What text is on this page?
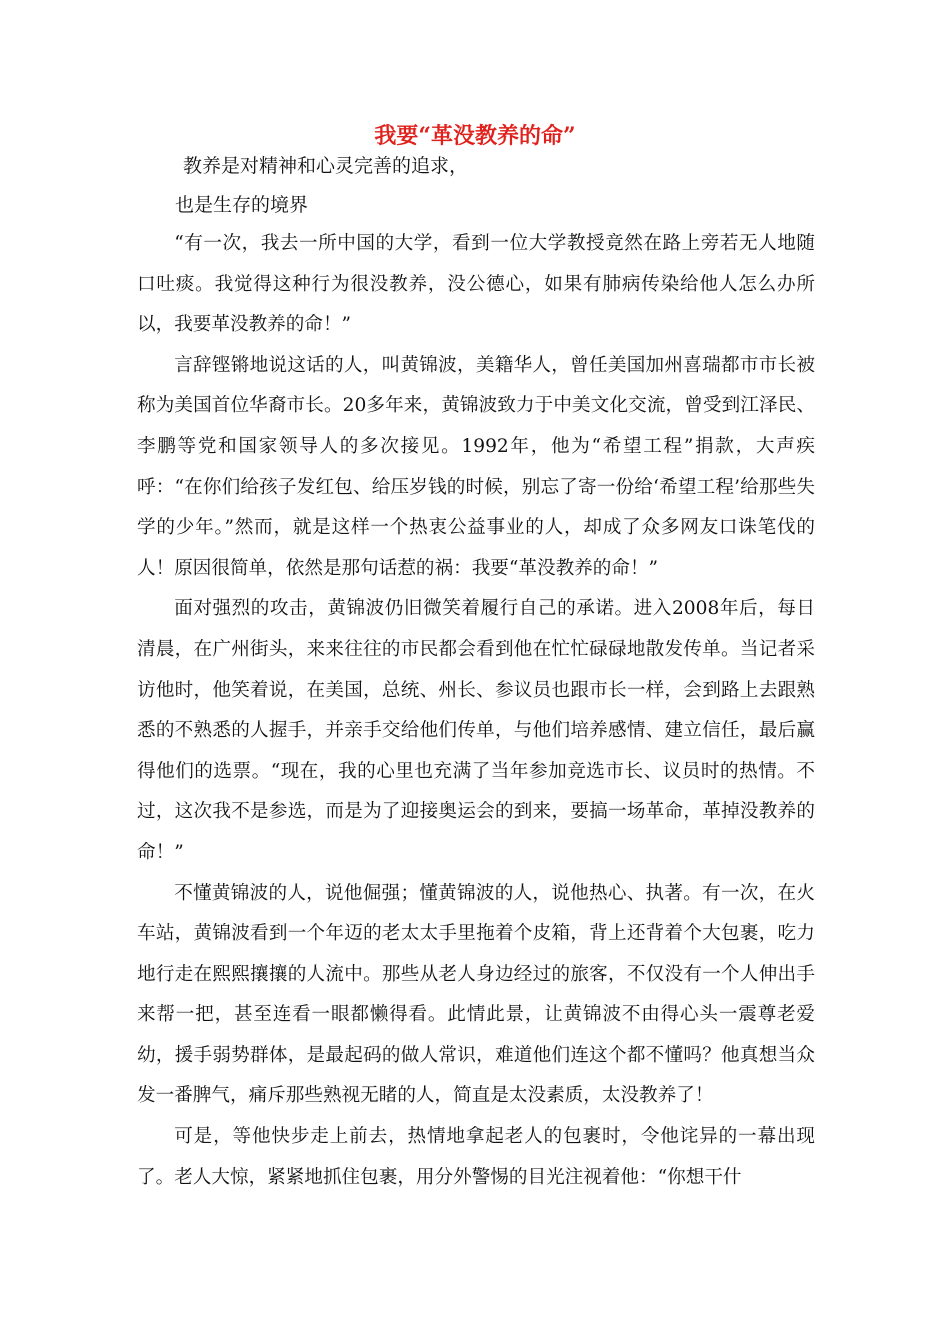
我要“革没教养的命”
教养是对精神和心灵完善的追求，
也是生存的境界

“有一次，我去一所中国的大学，看到一位大学教授竟然在路上旁若无人地随口吐痰。我觉得这种行为很没教养，没公德心，如果有肺病传染给他人怎么办所以，我要革没教养的命！”

言辞铿锵地说这话的人，叫黄锦波，美籍华人，曾任美国加州喜瑞都市市长被称为美国首位华裔市长。20多年来，黄锦波致力于中美文化交流，曾受到江泽民、李鹏等党和国家领导人的多次接见。1992年，他为“希望工程”捐款，大声疾呼：“在你们给孩子发红包、给压岁钱的时候，别忘了寄一份给‘希望工程’给那些失学的少年。”然而，就是这样一个热衷公益事业的人，却成了众多网友口诛笔伐的人！原因很简单，依然是那句话惹的祸：我要“革没教养的命！”

面对强烈的攻击，黄锦波仍旧微笑着履行自己的承诺。进入2008年后，每日清晨，在广州街头，来来往往的市民都会看到他在忙忙碌碌地散发传单。当记者采访他时，他笑着说，在美国，总统、州长、参议员也跟市长一样，会到路上去跟熟悉的不熟悉的人握手，并亲手交给他们传单，与他们培养感情、建立信任，最后赢得他们的选票。“现在，我的心里也充满了当年参加竞选市长、议员时的热情。不过，这次我不是参选，而是为了迎接奥运会的到来，要搞一场革命，革掉没教养的命！”

不懂黄锦波的人，说他倔强；懂黄锦波的人，说他热心、执著。有一次，在火车站，黄锦波看到一个年迈的老太太手里拖着个皮箱，背上还背着个大包裹，吃力地行走在熙熙攘攘的人流中。那些从老人身边经过的旅客，不仅没有一个人伸出手来帮一把，甚至连看一眼都懒得看。此情此景，让黄锦波不由得心头一震尊老爱幼，援手弱势群体，是最起码的做人常识，难道他们连这个都不懂吗？他真想当众发一番脾气，痛斥那些熟视无睹的人，简直是太没素质，太没教养了！

可是，等他快步走上前去，热情地拿起老人的包裹时，令他诧异的一幕出现了。老人大惊，紧紧地抓住包裹，用分外警惕的目光注视着他：“你想干什
